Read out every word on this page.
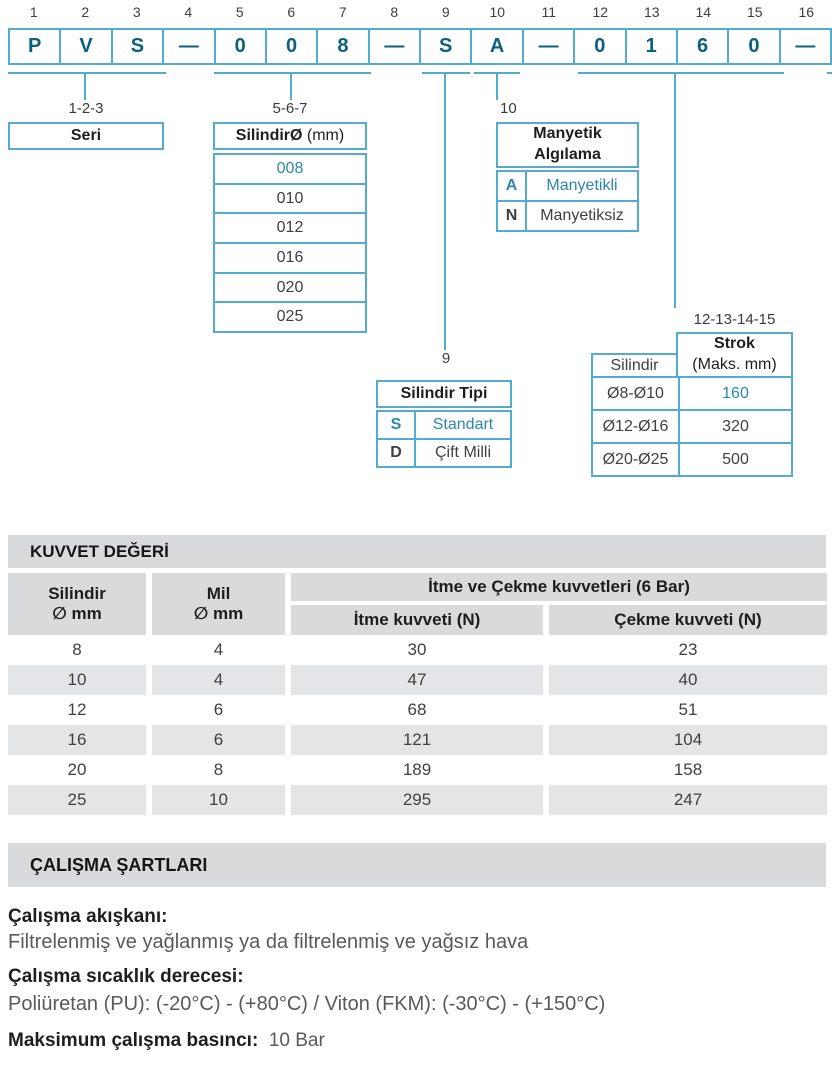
1	2	3	4	5	6	7	8	9	10	11	12	13	14	15	16
P	V	S	—	0	0	8	—	S	A	—	0	1	6	0	—
1-2-3	5-6-7	10
9
12-13-14-15
Seri	SilindirØ (mm)
008
010
012
016
020
025
Manyetik
Algılama
A	Manyetikli
N	Manyetiksiz
Silindir Tipi
S	Standart
D	Çift Milli
Silindir
Strok
(Maks. mm)
Ø8-Ø10	160
Ø12-Ø16	320
Ø20-Ø25	500
KUVVET DEĞERİ
Silindir
∅ mm
Mil
∅ mm
İtme ve Çekme kuvvetleri (6 Bar)
İtme kuvveti (N)	Çekme kuvveti (N)
8	4	30	23
10	4	47	40
12	6	68	51
16	6	121	104
20	8	189	158
25	10	295	247
ÇALIŞMA ŞARTLARI
Çalışma akışkanı:
Filtrelenmiş ve yağlanmış ya da filtrelenmiş ve yağsız hava
Çalışma sıcaklık derecesi:
Poliüretan (PU): (-20°C) - (+80°C) / Viton (FKM): (-30°C) - (+150°C)
Maksimum çalışma basıncı: 10 Bar
